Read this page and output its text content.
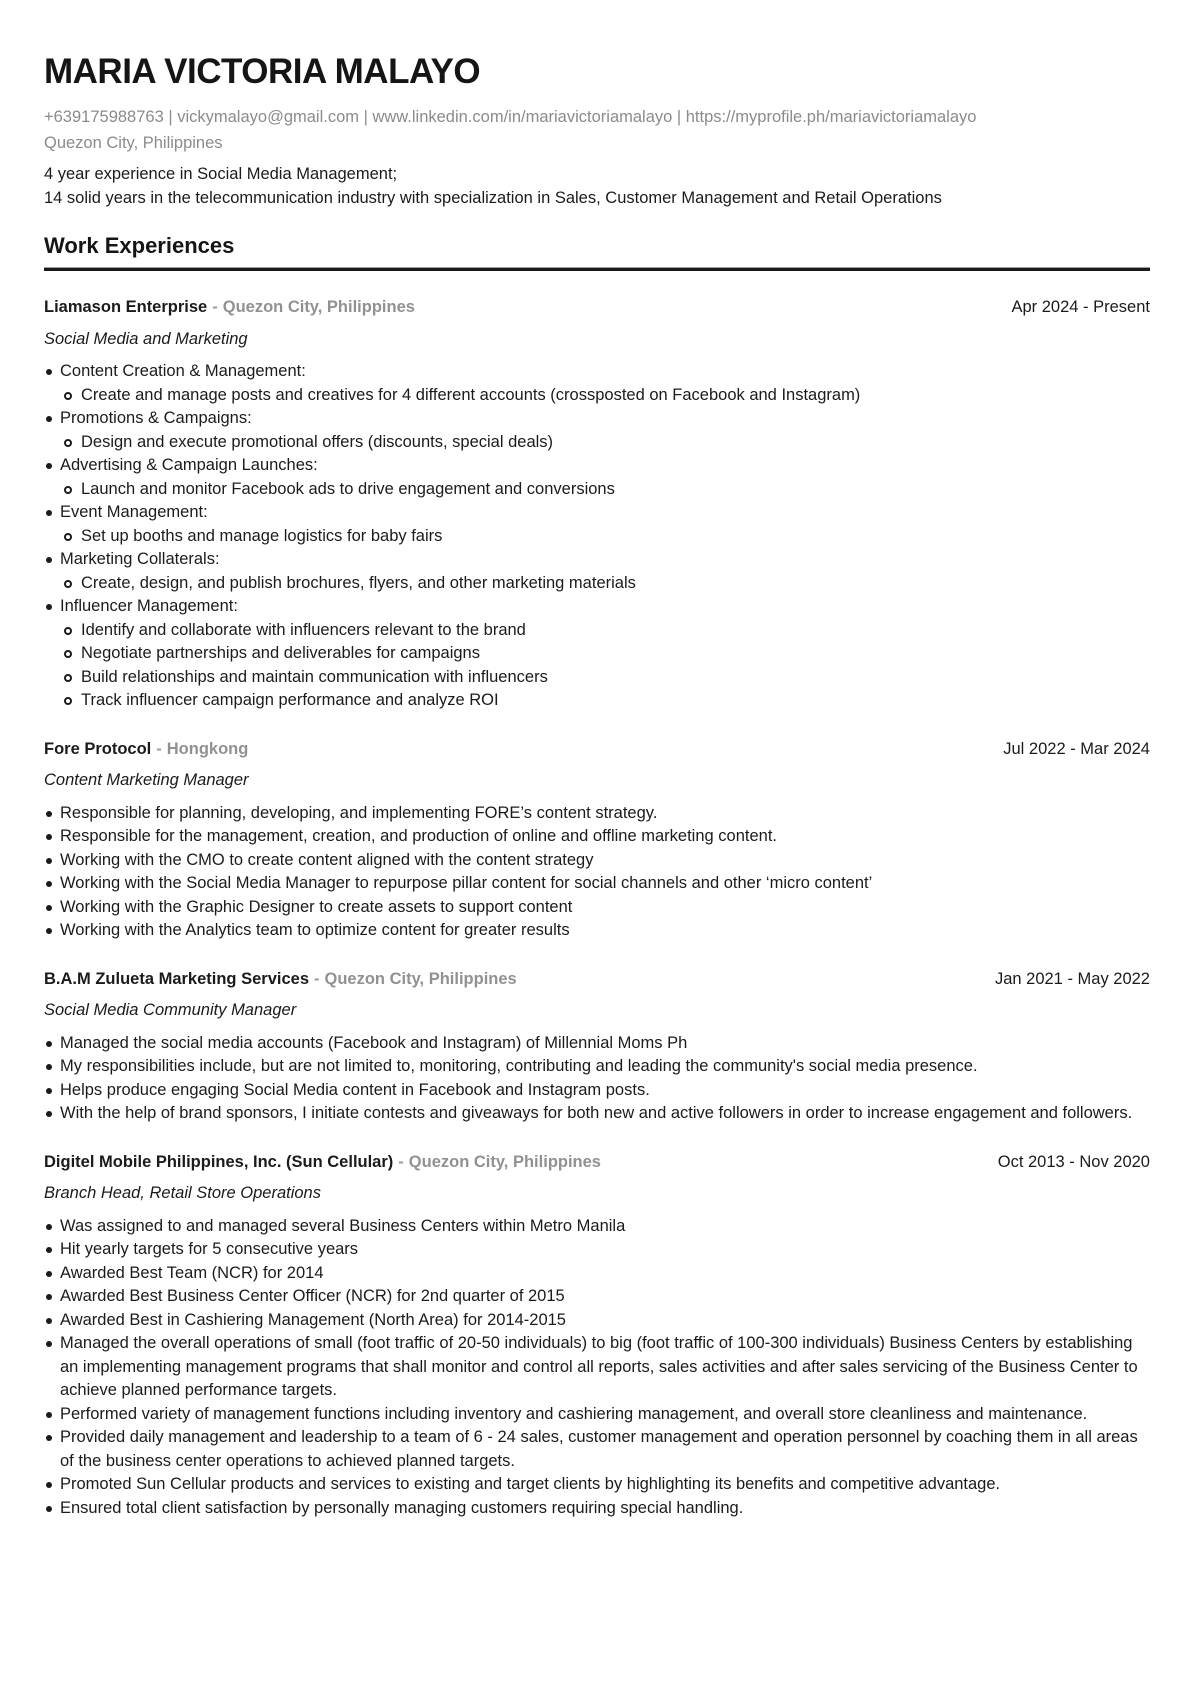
MARIA VICTORIA MALAYO
+639175988763 | vickymalayo@gmail.com | www.linkedin.com/in/mariavictoriamalayo | https://myprofile.ph/mariavictoriamalayo
Quezon City, Philippines
4 year experience in Social Media Management;
14 solid years in the telecommunication industry with specialization in Sales, Customer Management and Retail Operations
Work Experiences
Liamason Enterprise - Quezon City, Philippines	Apr 2024 - Present
Social Media and Marketing
Content Creation & Management:
Create and manage posts and creatives for 4 different accounts (crossposted on Facebook and Instagram)
Promotions & Campaigns:
Design and execute promotional offers (discounts, special deals)
Advertising & Campaign Launches:
Launch and monitor Facebook ads to drive engagement and conversions
Event Management:
Set up booths and manage logistics for baby fairs
Marketing Collaterals:
Create, design, and publish brochures, flyers, and other marketing materials
Influencer Management:
Identify and collaborate with influencers relevant to the brand
Negotiate partnerships and deliverables for campaigns
Build relationships and maintain communication with influencers
Track influencer campaign performance and analyze ROI
Fore Protocol - Hongkong	Jul 2022 - Mar 2024
Content Marketing Manager
Responsible for planning, developing, and implementing FORE’s content strategy.
Responsible for the management, creation, and production of online and offline marketing content.
Working with the CMO to create content aligned with the content strategy
Working with the Social Media Manager to repurpose pillar content for social channels and other ‘micro content’
Working with the Graphic Designer to create assets to support content
Working with the Analytics team to optimize content for greater results
B.A.M Zulueta Marketing Services - Quezon City, Philippines	Jan 2021 - May 2022
Social Media Community Manager
Managed the social media accounts (Facebook and Instagram) of Millennial Moms Ph
My responsibilities include, but are not limited to, monitoring, contributing and leading the community's social media presence.
Helps produce engaging Social Media content in Facebook and Instagram posts.
With the help of brand sponsors, I initiate contests and giveaways for both new and active followers in order to increase engagement and followers.
Digitel Mobile Philippines, Inc. (Sun Cellular) - Quezon City, Philippines	Oct 2013 - Nov 2020
Branch Head, Retail Store Operations
Was assigned to and managed several Business Centers within Metro Manila
Hit yearly targets for 5 consecutive years
Awarded Best Team (NCR) for 2014
Awarded Best Business Center Officer (NCR) for 2nd quarter of 2015
Awarded Best in Cashiering Management (North Area) for 2014-2015
Managed the overall operations of small (foot traffic of 20-50 individuals) to big (foot traffic of 100-300 individuals) Business Centers by establishing an implementing management programs that shall monitor and control all reports, sales activities and after sales servicing of the Business Center to achieve planned performance targets.
Performed variety of management functions including inventory and cashiering management, and overall store cleanliness and maintenance.
Provided daily management and leadership to a team of 6 - 24 sales, customer management and operation personnel by coaching them in all areas of the business center operations to achieved planned targets.
Promoted Sun Cellular products and services to existing and target clients by highlighting its benefits and competitive advantage.
Ensured total client satisfaction by personally managing customers requiring special handling.
